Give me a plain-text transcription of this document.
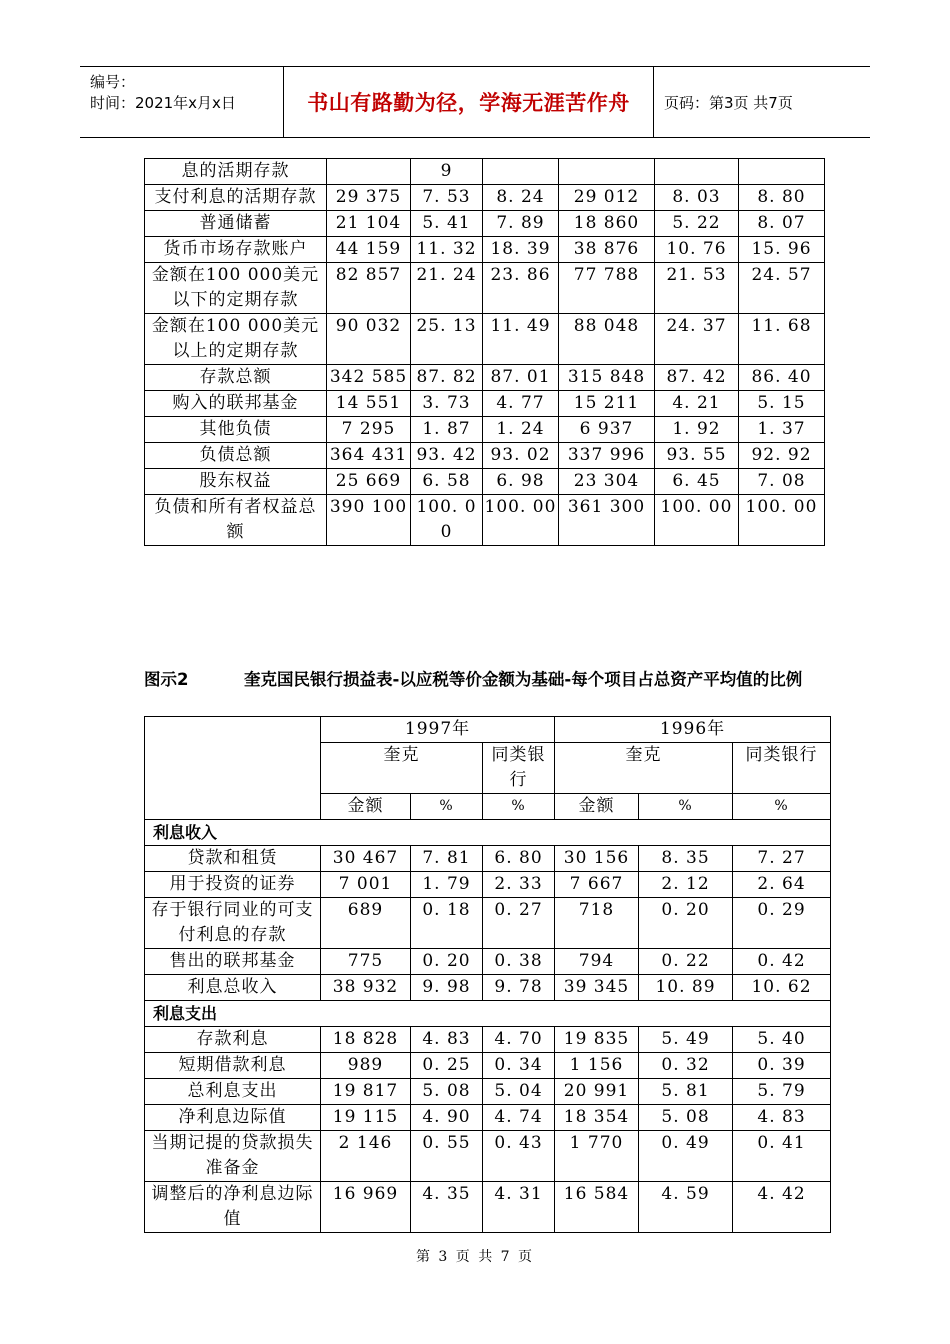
编号：
时间：2021年x月x日	书山有路勤为径，学海无涯苦作舟	页码：第3页 共7页
息的活期存款		9				
支付利息的活期存款	29 375	7. 53	8. 24	29 012	8. 03	8. 80
普通储蓄	21 104	5. 41	7. 89	18 860	5. 22	8. 07
货币市场存款账户	44 159	11. 32	18. 39	38 876	10. 76	15. 96
金额在100 000美元以下的定期存款	82 857	21. 24	23. 86	77 788	21. 53	24. 57
金额在100 000美元以上的定期存款	90 032	25. 13	11. 49	88 048	24. 37	11. 68
存款总额	342 585	87. 82	87. 01	315 848	87. 42	86. 40
购入的联邦基金	14 551	3. 73	4. 77	15 211	4. 21	5. 15
其他负债	7 295	1. 87	1. 24	6 937	1. 92	1. 37
负债总额	364 431	93. 42	93. 02	337 996	93. 55	92. 92
股东权益	25 669	6. 58	6. 98	23 304	6. 45	7. 08
负债和所有者权益总额	390 100	100. 00	100. 00	361 300	100. 00	100. 00
图示2	奎克国民银行损益表-以应税等价金额为基础-每个项目占总资产平均值的比例
	1997年			1996年		
	奎克		同类银行	奎克		同类银行
	金额	%	%	金额	%	%
利息收入						
贷款和租赁	30 467	7. 81	6. 80	30 156	8. 35	7. 27
用于投资的证券	7 001	1. 79	2. 33	7 667	2. 12	2. 64
存于银行同业的可支付利息的存款	689	0. 18	0. 27	718	0. 20	0. 29
售出的联邦基金	775	0. 20	0. 38	794	0. 22	0. 42
利息总收入	38 932	9. 98	9. 78	39 345	10. 89	10. 62
利息支出						
存款利息	18 828	4. 83	4. 70	19 835	5. 49	5. 40
短期借款利息	989	0. 25	0. 34	1 156	0. 32	0. 39
总利息支出	19 817	5. 08	5. 04	20 991	5. 81	5. 79
净利息边际值	19 115	4. 90	4. 74	18 354	5. 08	4. 83
当期记提的贷款损失准备金	2 146	0. 55	0. 43	1 770	0. 49	0. 41
调整后的净利息边际值	16 969	4. 35	4. 31	16 584	4. 59	4. 42
第 3 页 共 7 页
